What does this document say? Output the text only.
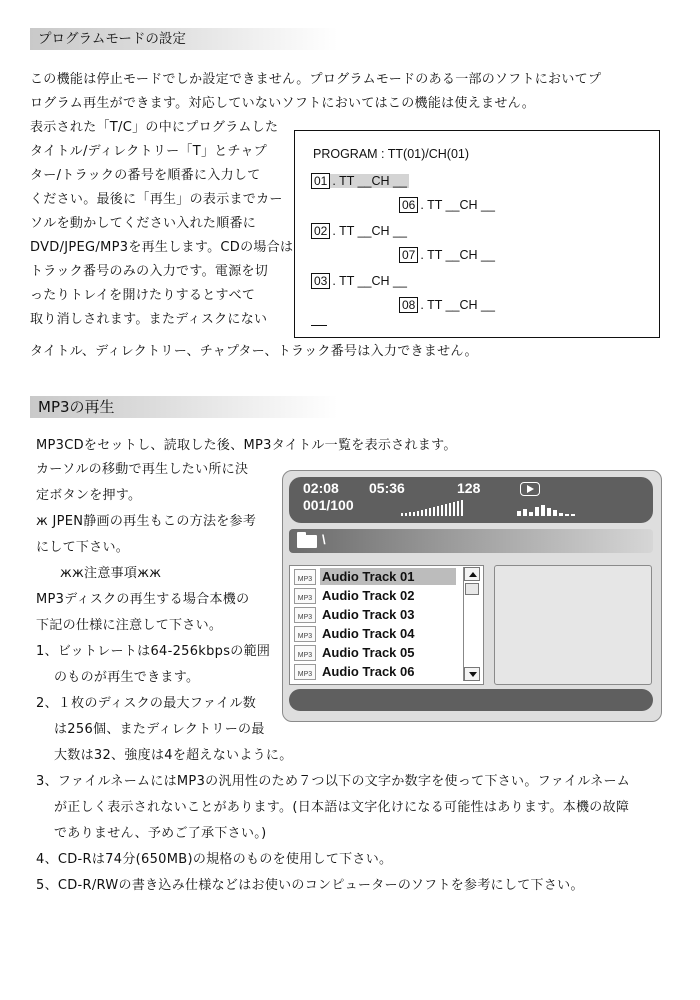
プログラムモードの設定
この機能は停止モードでしか設定できません。プログラムモードのある一部のソフトにおいてプ
ログラム再生ができます。対応していないソフトにおいてはこの機能は使えません。
表示された「T/C」の中にプログラムした
タイトル/ディレクトリー「T」とチャプ
ター/トラックの番号を順番に入力して
ください。最後に「再生」の表示までカー
ソルを動かしてください入れた順番に
DVD/JPEG/MP3を再生します。CDの場合は
トラック番号のみの入力です。電源を切
ったりトレイを開けたりするとすべて
取り消しされます。またディスクにない
タイトル、ディレクトリー、チャプター、トラック番号は入力できません。
PROGRAM : TT(01)/CH(01)
01 . TT __CH __
06 . TT __CH __
02 . TT __CH __
07 . TT __CH __
03 . TT __CH __
08 . TT __CH __
MP3の再生
MP3CDをセットし、読取した後、MP3タイトル一覧を表示されます。
カーソルの移動で再生したい所に決
定ボタンを押す。
ж JPEN静画の再生もこの方法を参考
にして下さい。
жж注意事項жж
MP3ディスクの再生する場合本機の
下記の仕様に注意して下さい。
1、ビットレートは64-256kbpsの範囲
のものが再生できます。
2、１枚のディスクの最大ファイル数
は256個、またディレクトリーの最
大数は32、強度は4を超えないように。
3、ファイルネームにはMP3の汎用性のため７つ以下の文字か数字を使って下さい。ファイルネーム
が正しく表示されないことがあります。(日本語は文字化けになる可能性はあります。本機の故障
でありません、予めご了承下さい。)
4、CD-Rは74分(650MB)の規格のものを使用して下さい。
5、CD-R/RWの書き込み仕様などはお使いのコンピューターのソフトを参考にして下さい。
02:08 05:36	128
001/100
\
MP3 Audio Track 01
MP3 Audio Track 02
MP3 Audio Track 03
MP3 Audio Track 04
MP3 Audio Track 05
MP3 Audio Track 06
